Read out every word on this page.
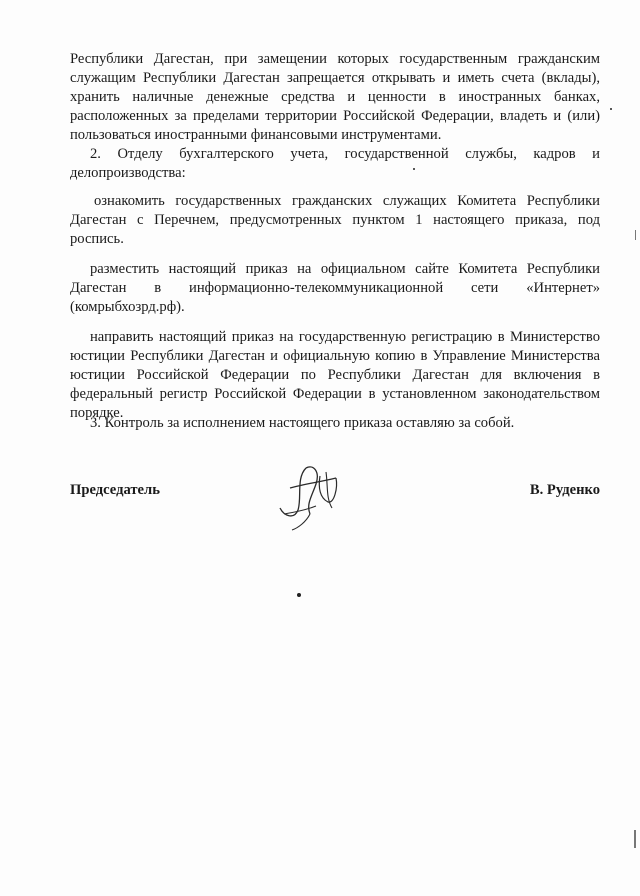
Республики Дагестан, при замещении которых государственным гражданским служащим Республики Дагестан запрещается открывать и иметь счета (вклады), хранить наличные денежные средства и ценности в иностранных банках, расположенных за пределами территории Российской Федерации, владеть и (или) пользоваться иностранными финансовыми инструментами.
2. Отделу бухгалтерского учета, государственной службы, кадров и делопроизводства:
ознакомить государственных гражданских служащих Комитета Республики Дагестан с Перечнем, предусмотренных пунктом 1 настоящего приказа, под роспись.
разместить настоящий приказ на официальном сайте Комитета Республики Дагестан в информационно-телекоммуникационной сети «Интернет» (комрыбхозрд.рф).
направить настоящий приказ на государственную регистрацию в Министерство юстиции Республики Дагестан и официальную копию в Управление Министерства юстиции Российской Федерации по Республики Дагестан для включения в федеральный регистр Российской Федерации в установленном законодательством порядке.
3. Контроль за исполнением настоящего приказа оставляю за собой.
Председатель	В. Руденко
